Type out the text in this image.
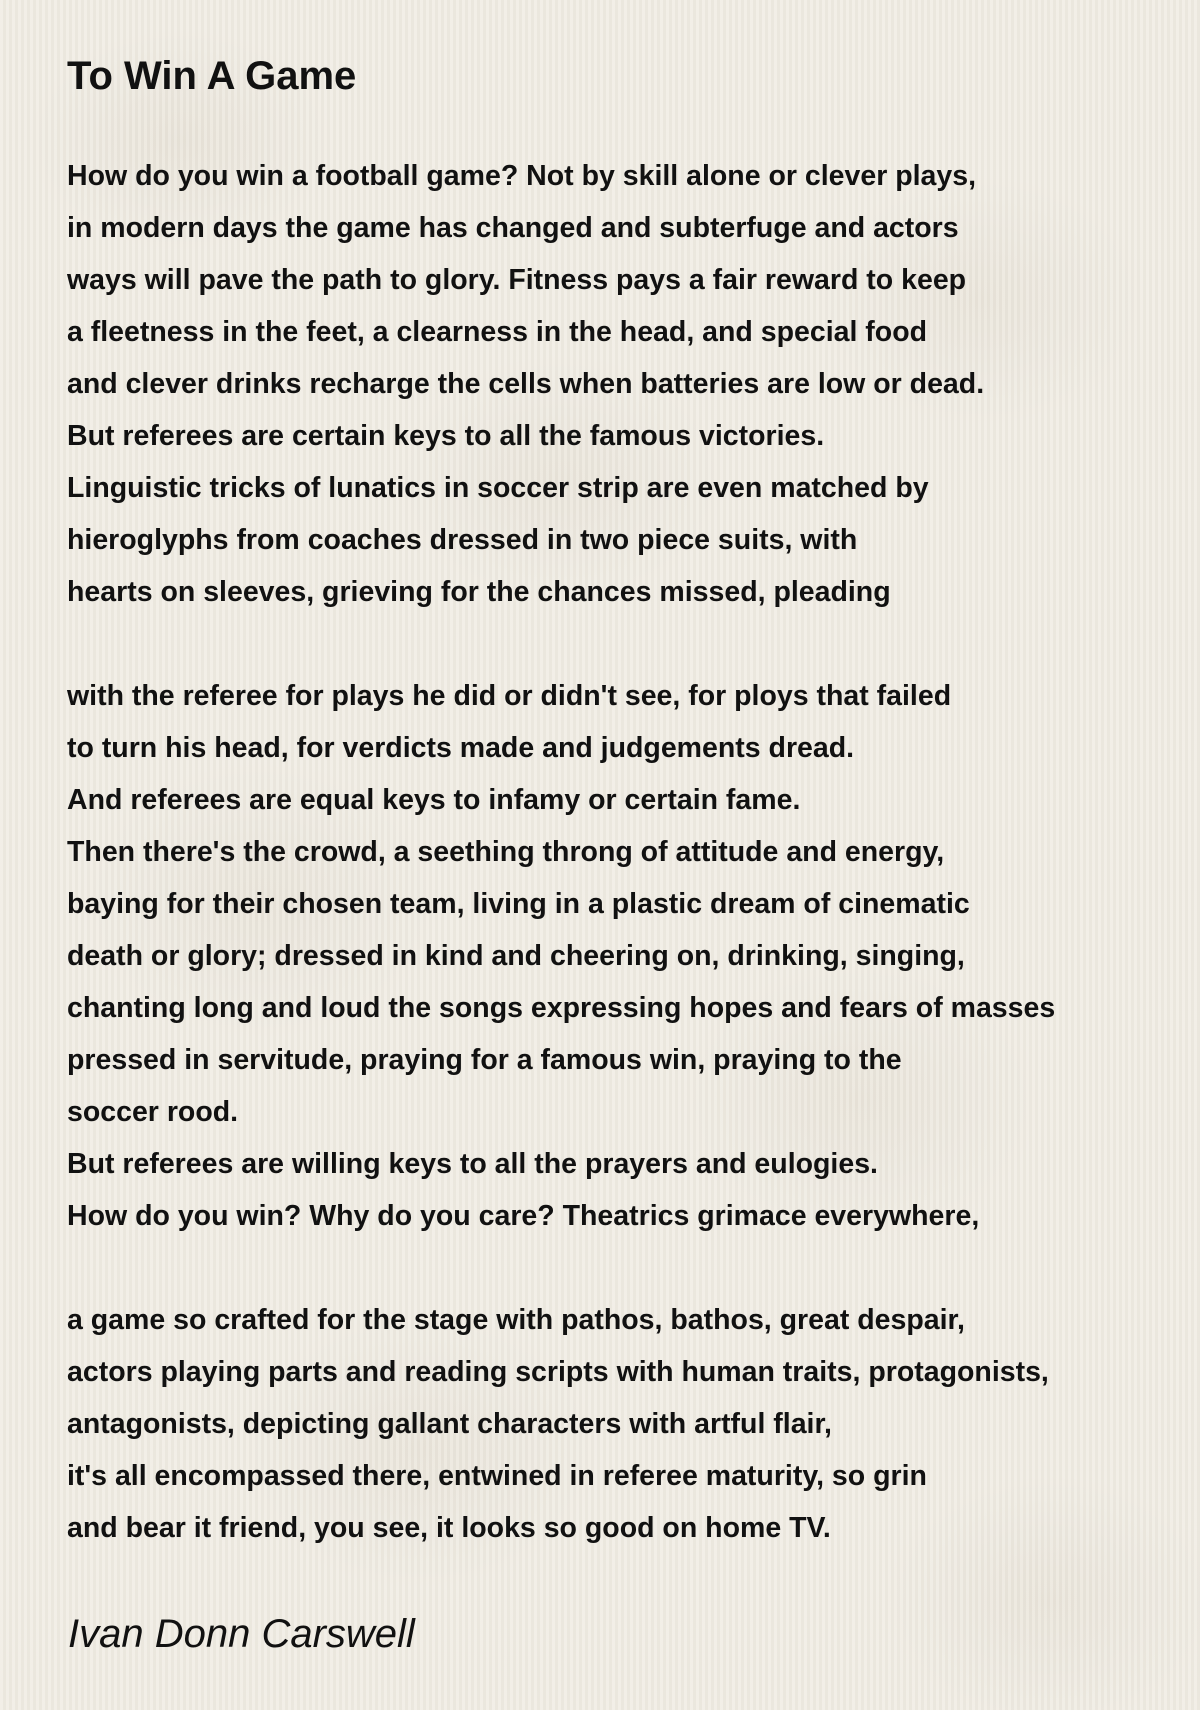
To Win A Game
How do you win a football game? Not by skill alone or clever plays,
in modern days the game has changed and subterfuge and actors
ways will pave the path to glory. Fitness pays a fair reward to keep
a fleetness in the feet, a clearness in the head, and special food
and clever drinks recharge the cells when batteries are low or dead.
But referees are certain keys to all the famous victories.
Linguistic tricks of lunatics in soccer strip are even matched by
hieroglyphs from coaches dressed in two piece suits, with
hearts on sleeves, grieving for the chances missed, pleading
with the referee for plays he did or didn't see, for ploys that failed
to turn his head, for verdicts made and judgements dread.
And referees are equal keys to infamy or certain fame.
Then there's the crowd, a seething throng of attitude and energy,
baying for their chosen team, living in a plastic dream of cinematic
death or glory; dressed in kind and cheering on, drinking, singing,
chanting long and loud the songs expressing hopes and fears of masses
pressed in servitude, praying for a famous win, praying to the
soccer rood.
But referees are willing keys to all the prayers and eulogies.
How do you win? Why do you care? Theatrics grimace everywhere,
a game so crafted for the stage with pathos, bathos, great despair,
actors playing parts and reading scripts with human traits, protagonists,
antagonists, depicting gallant characters with artful flair,
it's all encompassed there, entwined in referee maturity, so grin
and bear it friend, you see, it looks so good on home TV.

Ivan Donn Carswell
